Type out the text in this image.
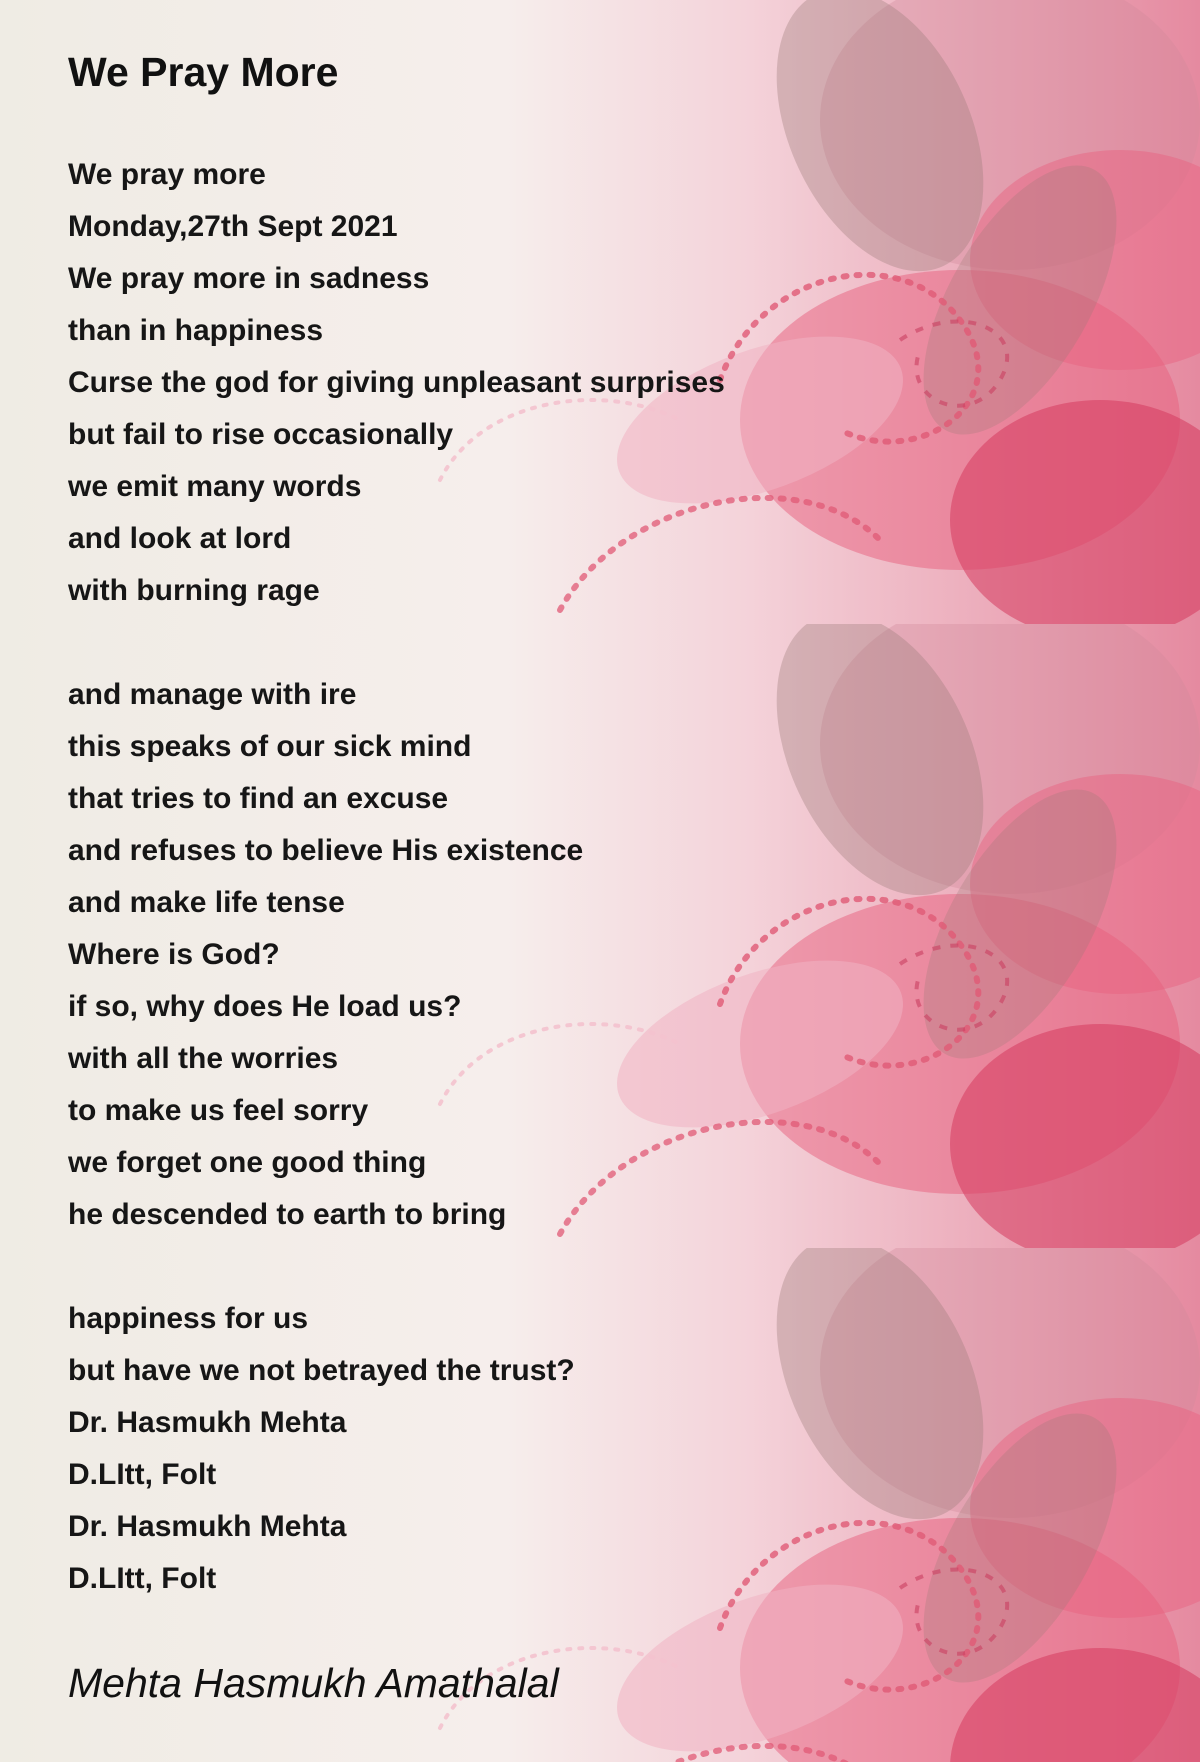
We Pray More
We pray more
Monday,27th Sept 2021
We pray more in sadness
than in happiness
Curse the god for giving unpleasant surprises
but fail to rise occasionally
we emit many words
and look at lord
with burning rage
and manage with ire
this speaks of our sick mind
that tries to find an excuse
and refuses to believe His existence
and make life tense
Where is God?
if so, why does He load us?
with all the worries
to make us feel sorry
we forget one good thing
he descended to earth to bring
happiness for us
but have we not betrayed the trust?
Dr. Hasmukh Mehta
D.LItt, Folt
Dr. Hasmukh Mehta
D.LItt, Folt
Mehta Hasmukh Amathalal
